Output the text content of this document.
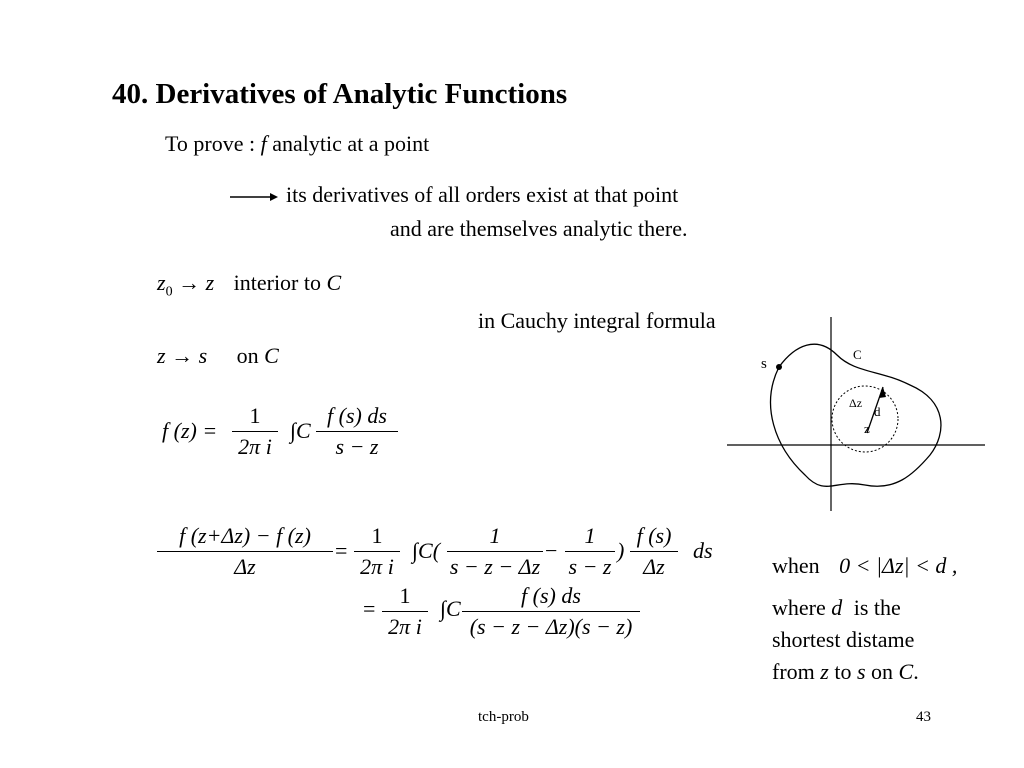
40. Derivatives of Analytic Functions
To prove : f analytic at a point
its derivatives of all orders exist at that point
and are themselves analytic there.
$z_0 \to z$ interior to C
in Cauchy integral formula
z → s on C
f (z) =
1
2π i
∫C
f (s) ds
s − z
f (z+Δz) − f (z)
Δz
=
1
2π i
∫C(
1
s − z − Δz
−
1
s − z
)
f (s)
Δz
ds
=
1
2π i
∫C
f (s) ds
(s − z − Δz)(s − z)
when 0 < |Δz| < d ,
where d is the
shortest distame
from z to s on C.
s
C
Δz
d
z
tch-prob	43
